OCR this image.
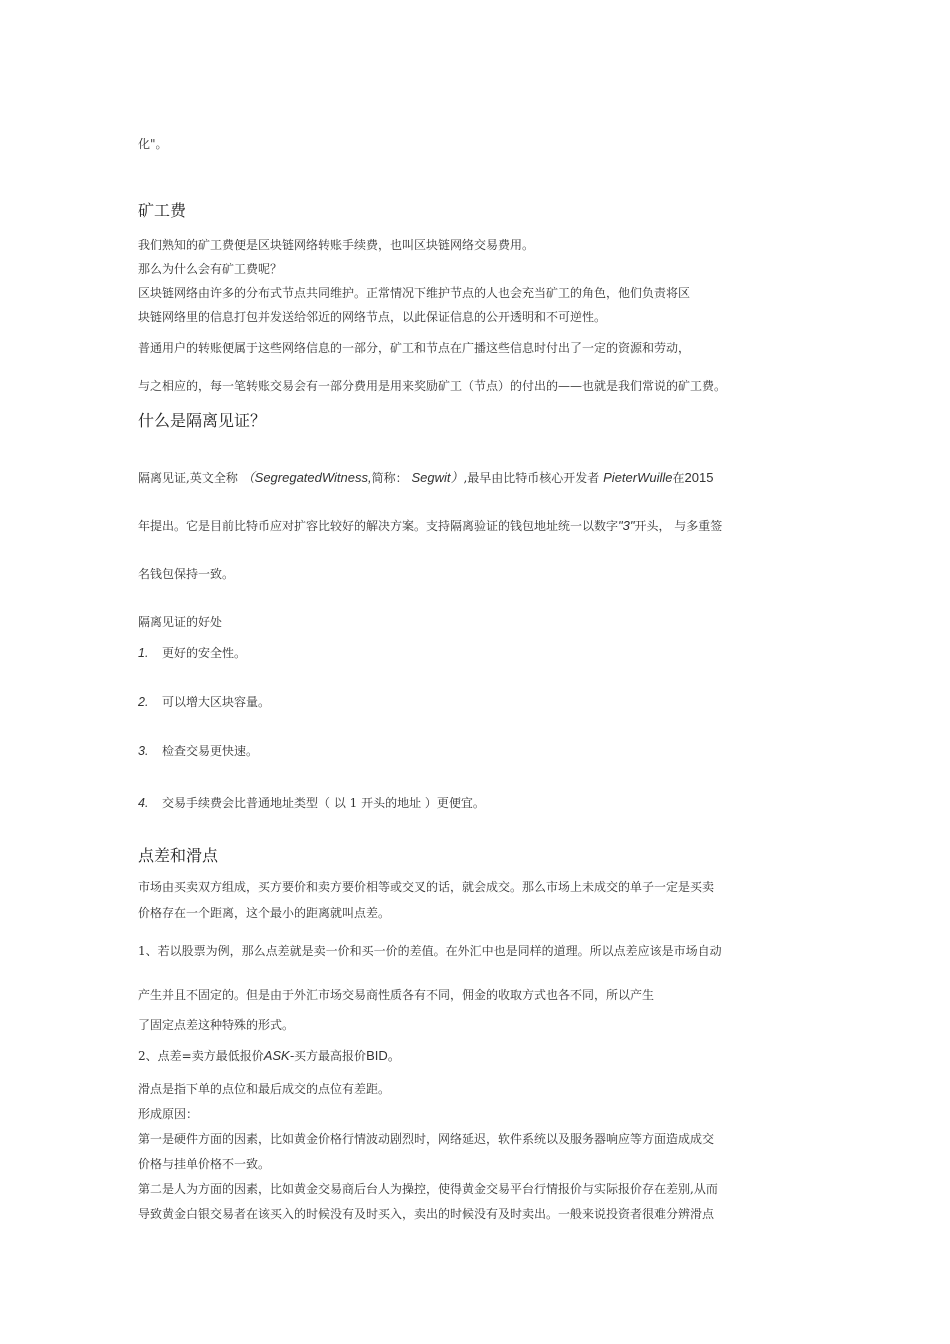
化"。
矿工费
我们熟知的矿工费便是区块链网络转账手续费，也叫区块链网络交易费用。
那么为什么会有矿工费呢？
区块链网络由许多的分布式节点共同维护。正常情况下维护节点的人也会充当矿工的角色，他们负责将区
块链网络里的信息打包并发送给邻近的网络节点，以此保证信息的公开透明和不可逆性。
普通用户的转账便属于这些网络信息的一部分，矿工和节点在广播这些信息时付出了一定的资源和劳动，
与之相应的，每一笔转账交易会有一部分费用是用来奖励矿工（节点）的付出的——也就是我们常说的矿工费。
什么是隔离见证？
隔离见证,英文全称 （SegregatedWitness,简称： Segwit）,最早由比特币核心开发者 PieterWuille在2015
年提出。它是目前比特币应对扩容比较好的解决方案。支持隔离验证的钱包地址统一以数字"3"开头， 与多重签
名钱包保持一致。
隔离见证的好处
1. 更好的安全性。
2. 可以增大区块容量。
3. 检查交易更快速。
4. 交易手续费会比普通地址类型（ 以 1 开头的地址 ）更便宜。
点差和滑点
市场由买卖双方组成，买方要价和卖方要价相等或交叉的话，就会成交。那么市场上未成交的单子一定是买卖
价格存在一个距离，这个最小的距离就叫点差。
1、若以股票为例，那么点差就是卖一价和买一价的差值。在外汇中也是同样的道理。所以点差应该是市场自动
产生并且不固定的。但是由于外汇市场交易商性质各有不同，佣金的收取方式也各不同，所以产生
了固定点差这种特殊的形式。
2、点差=卖方最低报价ASK-买方最高报价BID。
滑点是指下单的点位和最后成交的点位有差距。
形成原因：
第一是硬件方面的因素，比如黄金价格行情波动剧烈时，网络延迟，软件系统以及服务器响应等方面造成成交
价格与挂单价格不一致。
第二是人为方面的因素，比如黄金交易商后台人为操控，使得黄金交易平台行情报价与实际报价存在差别,从而
导致黄金白银交易者在该买入的时候没有及时买入，卖出的时候没有及时卖出。一般来说投资者很难分辨滑点
